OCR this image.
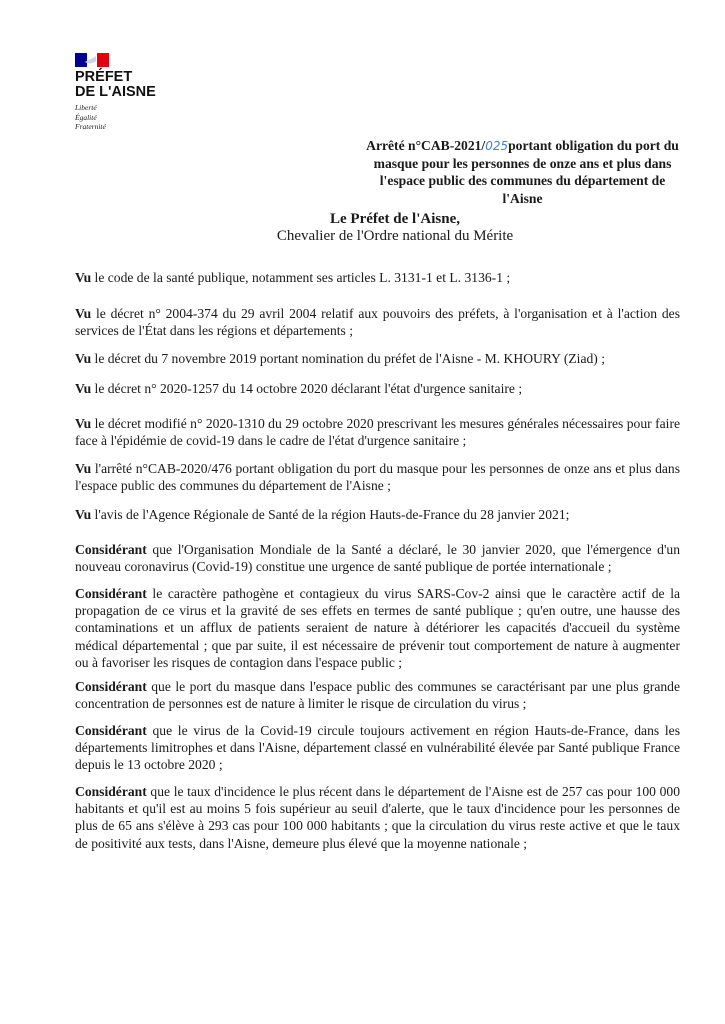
PRÉFET
DE L'AISNE
Liberté
Égalité
Fraternité
Arrêté n°CAB-2021/025portant obligation du port du masque pour les personnes de onze ans et plus dans l'espace public des communes du département de l'Aisne
Le Préfet de l'Aisne,
Chevalier de l'Ordre national du Mérite
Vu le code de la santé publique, notamment ses articles L. 3131-1 et L. 3136-1 ;
Vu le décret n° 2004-374 du 29 avril 2004 relatif aux pouvoirs des préfets, à l'organisation et à l'action des services de l'État dans les régions et départements ;
Vu le décret du 7 novembre 2019 portant nomination du préfet de l'Aisne - M. KHOURY (Ziad) ;
Vu le décret n° 2020-1257 du 14 octobre 2020 déclarant l'état d'urgence sanitaire ;
Vu le décret modifié n° 2020-1310 du 29 octobre 2020 prescrivant les mesures générales nécessaires pour faire face à l'épidémie de covid-19 dans le cadre de l'état d'urgence sanitaire ;
Vu l'arrêté n°CAB-2020/476 portant obligation du port du masque pour les personnes de onze ans et plus dans l'espace public des communes du département de l'Aisne ;
Vu l'avis de l'Agence Régionale de Santé de la région Hauts-de-France du 28 janvier 2021;
Considérant que l'Organisation Mondiale de la Santé a déclaré, le 30 janvier 2020, que l'émergence d'un nouveau coronavirus (Covid-19) constitue une urgence de santé publique de portée internationale ;
Considérant le caractère pathogène et contagieux du virus SARS-Cov-2 ainsi que le caractère actif de la propagation de ce virus et la gravité de ses effets en termes de santé publique ; qu'en outre, une hausse des contaminations et un afflux de patients seraient de nature à détériorer les capacités d'accueil du système médical départemental ; que par suite, il est nécessaire de prévenir tout comportement de nature à augmenter ou à favoriser les risques de contagion dans l'espace public ;
Considérant que le port du masque dans l'espace public des communes se caractérisant par une plus grande concentration de personnes est de nature à limiter le risque de circulation du virus ;
Considérant que le virus de la Covid-19 circule toujours activement en région Hauts-de-France, dans les départements limitrophes et dans l'Aisne, département classé en vulnérabilité élevée par Santé publique France depuis le 13 octobre 2020 ;
Considérant que le taux d'incidence le plus récent dans le département de l'Aisne est de 257 cas pour 100 000 habitants et qu'il est au moins 5 fois supérieur au seuil d'alerte, que le taux d'incidence pour les personnes de plus de 65 ans s'élève à 293 cas pour 100 000 habitants ; que la circulation du virus reste active et que le taux de positivité aux tests, dans l'Aisne, demeure plus élevé que la moyenne nationale ;
